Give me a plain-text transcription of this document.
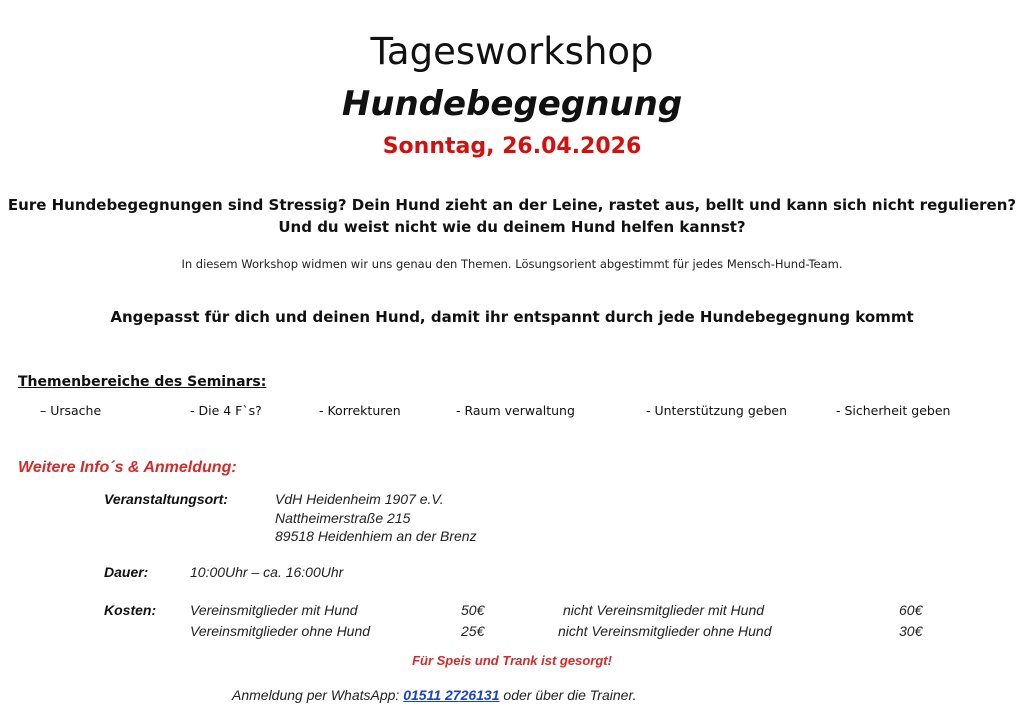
Tagesworkshop
Hundebegegnung
Sonntag, 26.04.2026
Eure Hundebegegnungen sind Stressig? Dein Hund zieht an der Leine, rastet aus, bellt und kann sich nicht regulieren?
Und du weist nicht wie du deinem Hund helfen kannst?
In diesem Workshop widmen wir uns genau den Themen. Lösungsorient abgestimmt für jedes Mensch-Hund-Team.
Angepasst für dich und deinen Hund, damit ihr entspannt durch jede Hundebegegnung kommt
Themenbereiche des Seminars:
– Ursache	- Die 4 F`s?	- Korrekturen	- Raum verwaltung	- Unterstützung geben	- Sicherheit geben
Weitere Info´s & Anmeldung:
Veranstaltungsort:	VdH Heidenheim 1907 e.V.
Nattheimerstraße 215
89518 Heidenhiem an der Brenz
Dauer:	10:00Uhr – ca. 16:00Uhr
Kosten: Vereinsmitglieder mit Hund	50€	nicht Vereinsmitglieder mit Hund	60€
Vereinsmitglieder ohne Hund	25€	nicht Vereinsmitglieder ohne Hund	30€
Für Speis und Trank ist gesorgt!
Anmeldung per WhatsApp: 01511 2726131 oder über die Trainer.
